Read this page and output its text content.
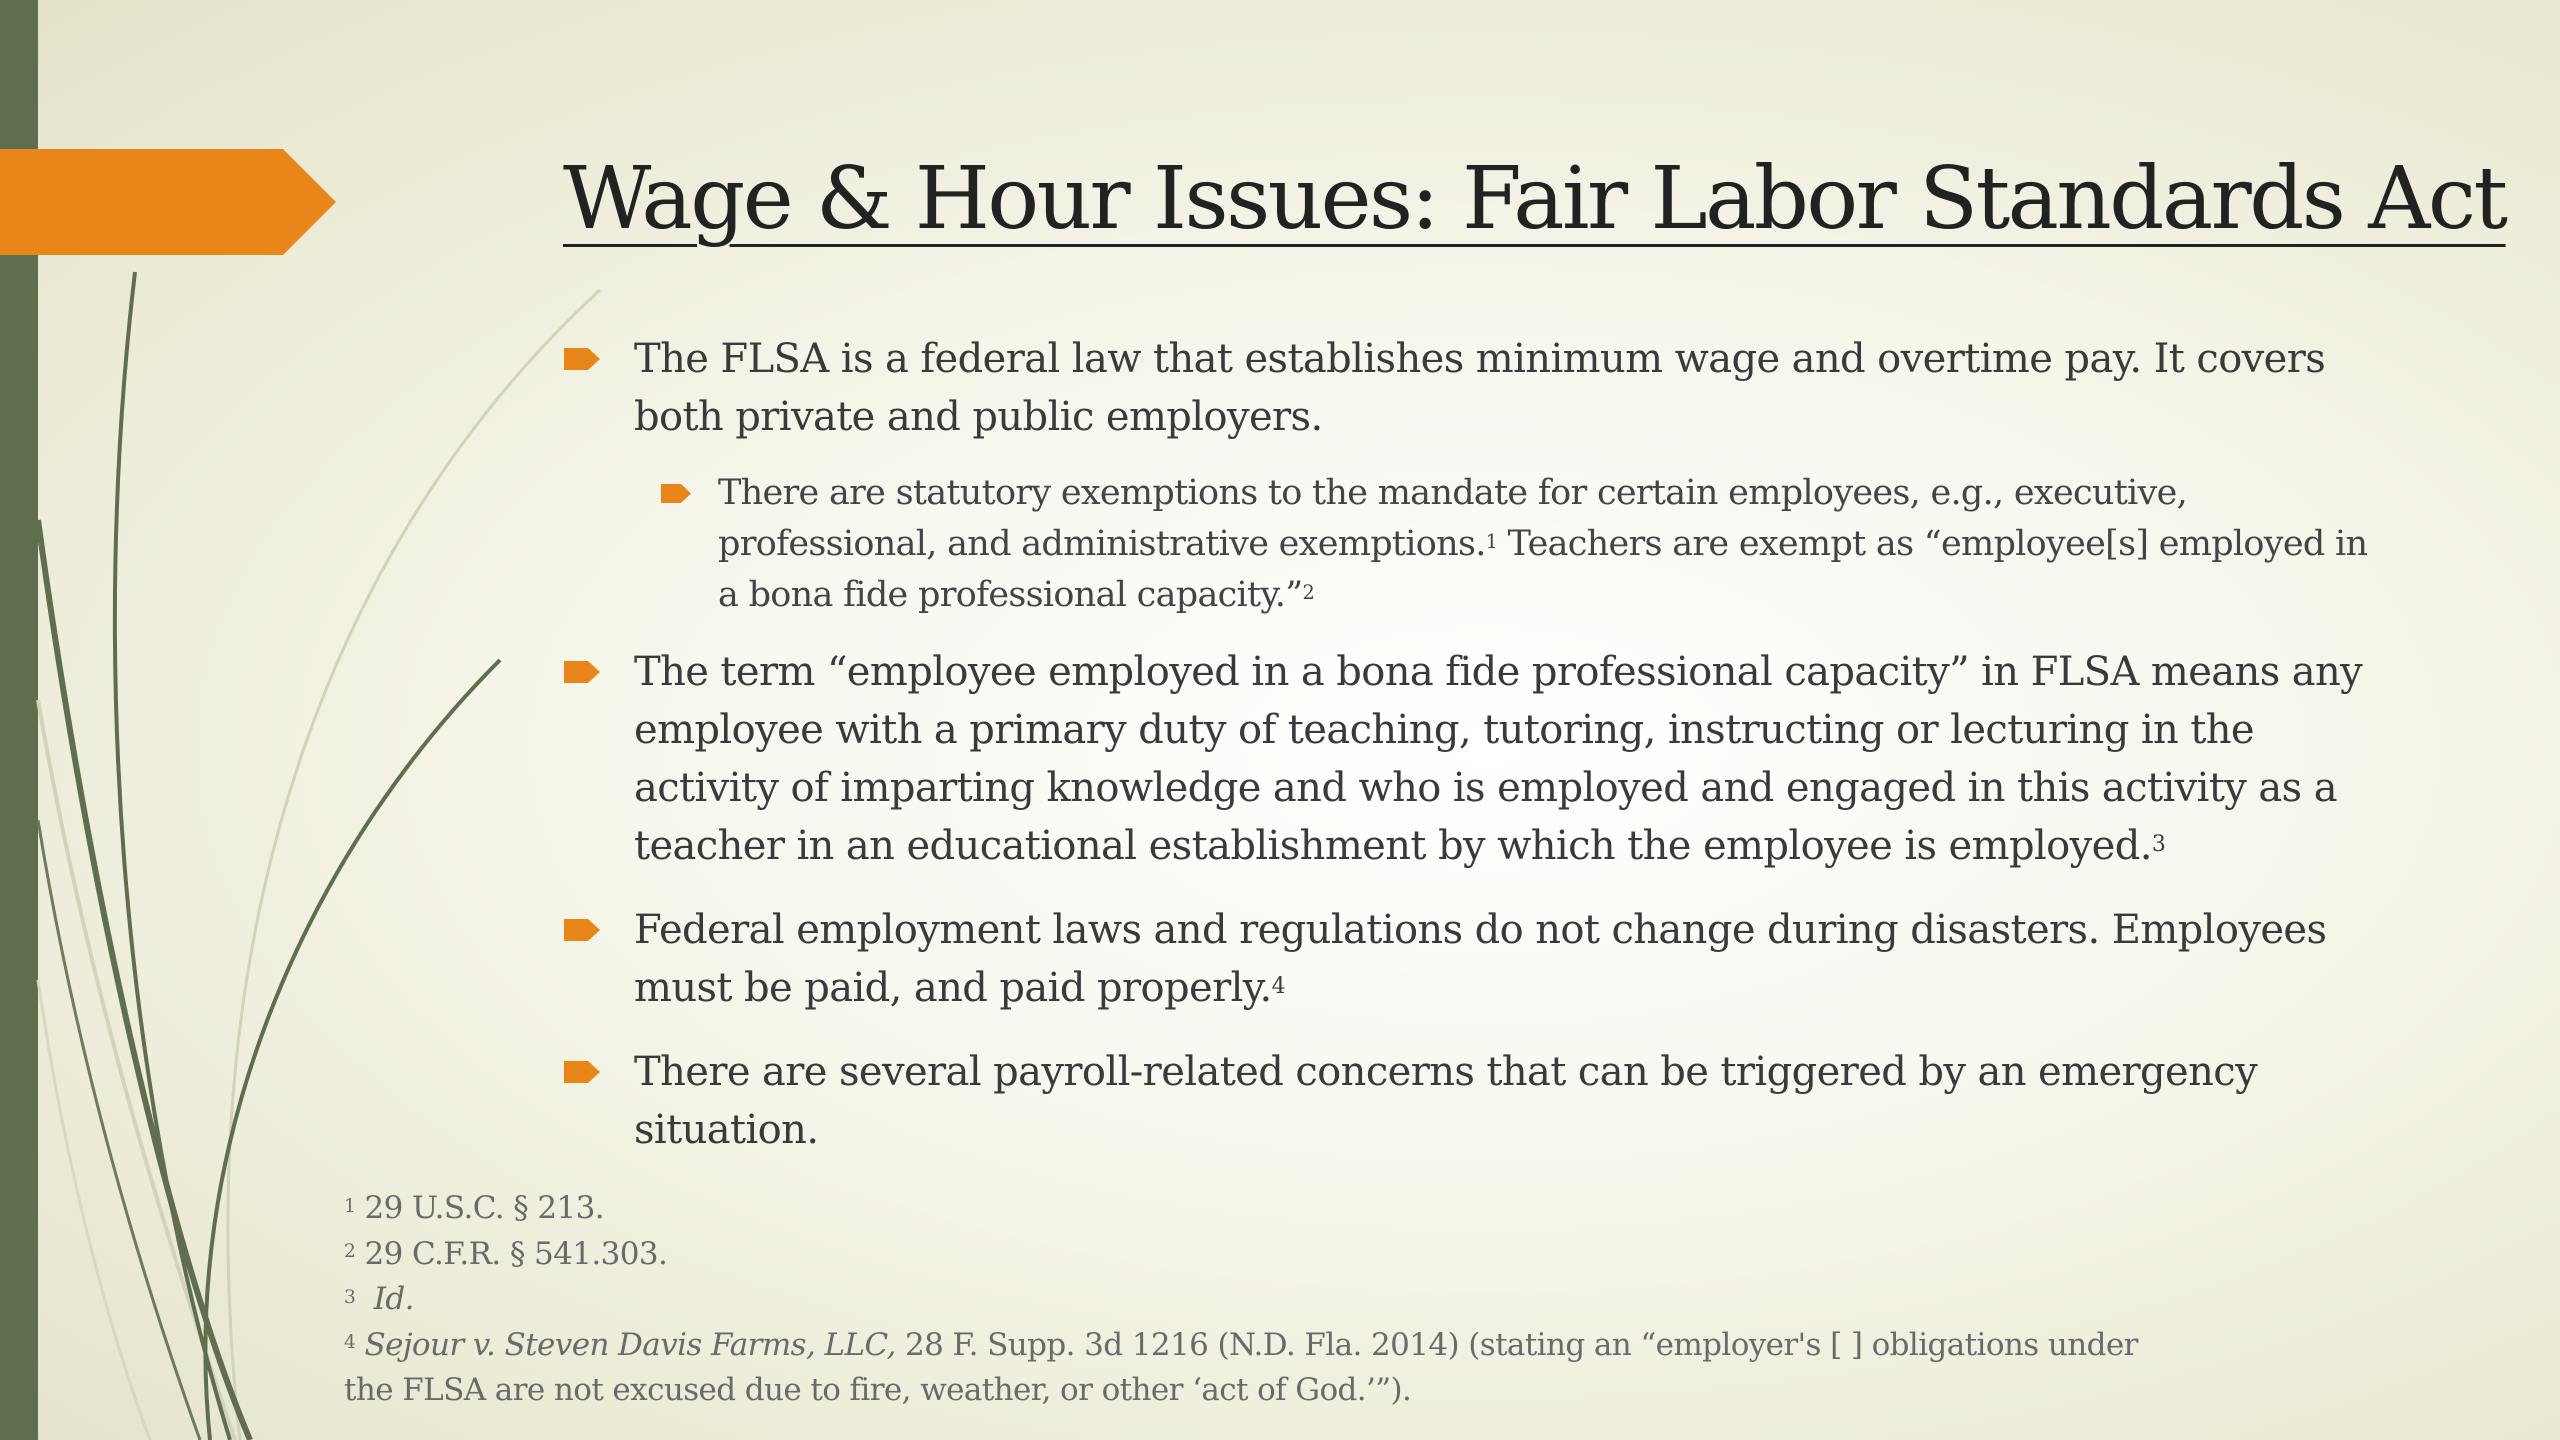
Wage & Hour Issues: Fair Labor Standards Act
The FLSA is a federal law that establishes minimum wage and overtime pay. It covers both private and public employers.
There are statutory exemptions to the mandate for certain employees, e.g., executive, professional, and administrative exemptions.$^1$ Teachers are exempt as “employee[s] employed in a bona fide professional capacity.”$^2$
The term “employee employed in a bona fide professional capacity” in FLSA means any employee with a primary duty of teaching, tutoring, instructing or lecturing in the activity of imparting knowledge and who is employed and engaged in this activity as a teacher in an educational establishment by which the employee is employed.$^3$
Federal employment laws and regulations do not change during disasters. Employees must be paid, and paid properly.$^4$
There are several payroll-related concerns that can be triggered by an emergency situation.
$^1$ 29 U.S.C. § 213.
$^2$ 29 C.F.R. § 541.303.
$^3$ Id.
$^4$ Sejour v. Steven Davis Farms, LLC, 28 F. Supp. 3d 1216 (N.D. Fla. 2014) (stating an “employer's [ ] obligations under
the FLSA are not excused due to fire, weather, or other ‘act of God.’”).
